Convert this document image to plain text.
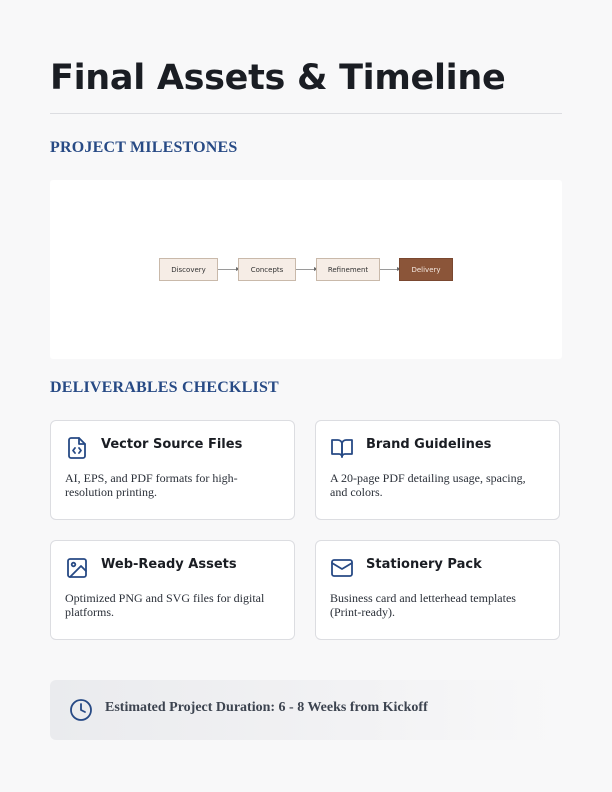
Final Assets & Timeline
PROJECT MILESTONES
Discovery	Concepts	Refinement	Delivery
DELIVERABLES CHECKLIST
Vector Source Files
AI, EPS, and PDF formats for high-resolution printing.
Brand Guidelines
A 20-page PDF detailing usage, spacing, and colors.
Web-Ready Assets
Optimized PNG and SVG files for digital platforms.
Stationery Pack
Business card and letterhead templates (Print-ready).
Estimated Project Duration: 6 - 8 Weeks from Kickoff
